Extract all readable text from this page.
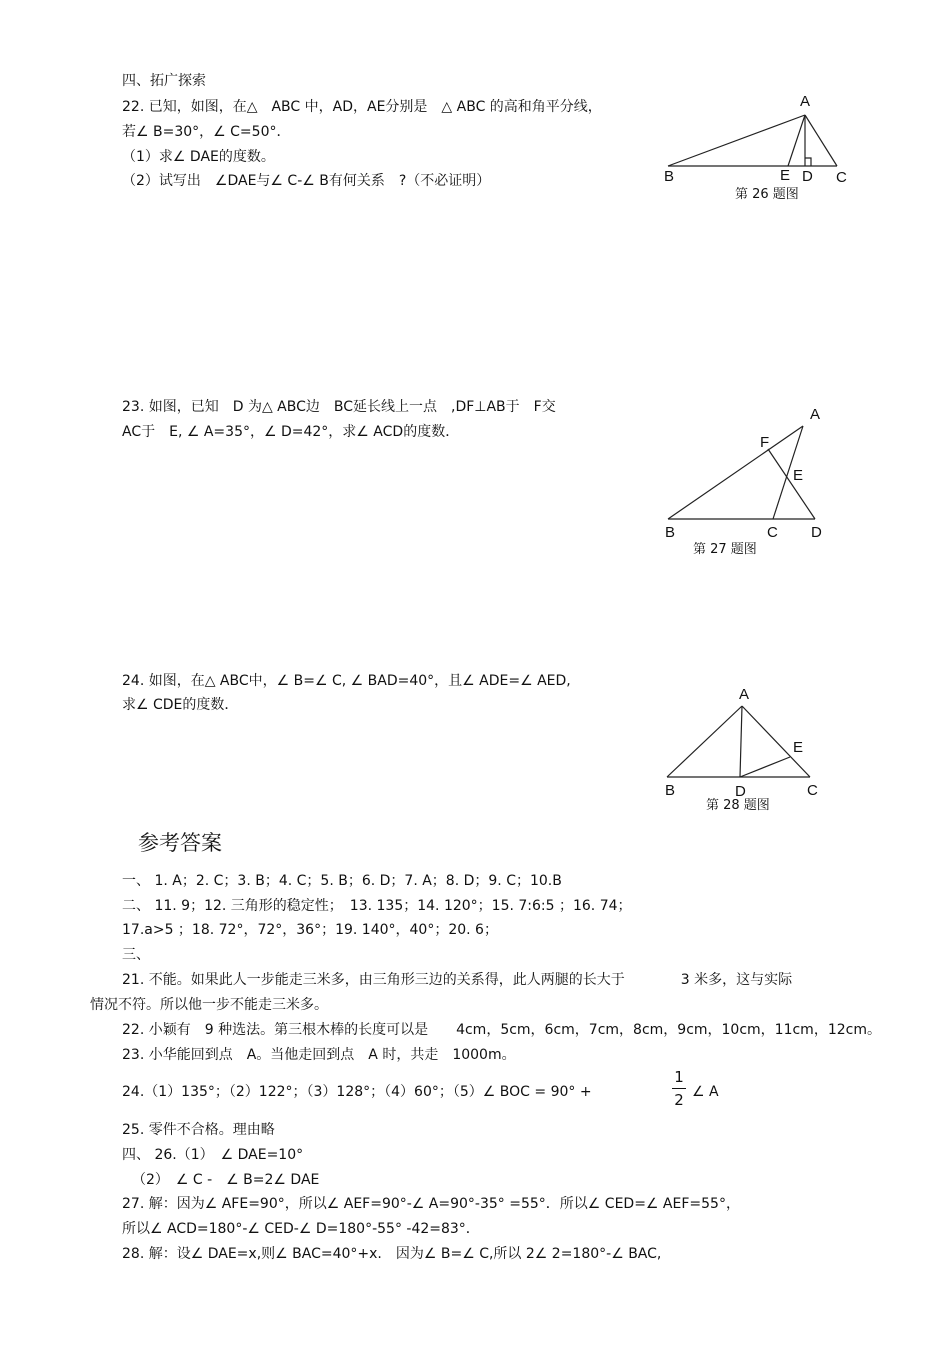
四、拓广探索
22. 已知，如图，在△　ABC 中，AD，AE分别是　△ ABC 的高和角平分线，
若∠ B=30°，∠ C=50°．
（1）求∠ DAE的度数。
（2）试写出　∠DAE与∠ C-∠ B有何关系　?（不必证明）
A
B	C
D
E
第 26 题图
23. 如图，已知　D 为△ ABC边　BC延长线上一点　,DF⊥AB于　F交
AC于　E, ∠ A=35°，∠ D=42°，求∠ ACD的度数．
A
F
E
B	C D
第 27 题图
24. 如图，在△ ABC中，∠ B=∠ C, ∠ BAD=40°，且∠ ADE=∠ AED,
求∠ CDE的度数．
A
E
B	D	C
第 28 题图
参考答案
一、 1. A；2. C；3. B；4. C；5. B；6. D；7. A；8. D；9. C；10.B
二、 11. 9；12. 三角形的稳定性；　13. 135；14. 120°；15. 7:6:5 ；16. 74；
17.a>5 ；18. 72°，72°，36°；19. 140°，40°；20. 6；
三、
21. 不能。如果此人一步能走三米多，由三角形三边的关系得，此人两腿的长大于　　　　3 米多，这与实际
情况不符。所以他一步不能走三米多。
22. 小颖有　9 种选法。第三根木棒的长度可以是　　4cm，5cm，6cm，7cm，8cm，9cm，10cm，11cm，12cm。
23. 小华能回到点　A。当他走回到点　A 时，共走　1000m。
24.（1）135°；（2）122°；（3）128°；（4）60°；（5）∠ BOC = 90° +
1
2 ∠ A
25. 零件不合格。理由略
四、 26.（1）　∠ DAE=10°
（2）　∠ C -　∠ B=2∠ DAE
27. 解：因为∠ AFE=90°，所以∠ AEF=90°-∠ A=90°-35° =55°．所以∠ CED=∠ AEF=55°，
所以∠ ACD=180°-∠ CED-∠ D=180°-55° -42=83°．
28. 解：设∠ DAE=x,则∠ BAC=40°+x.　因为∠ B=∠ C,所以 2∠ 2=180°-∠ BAC,
